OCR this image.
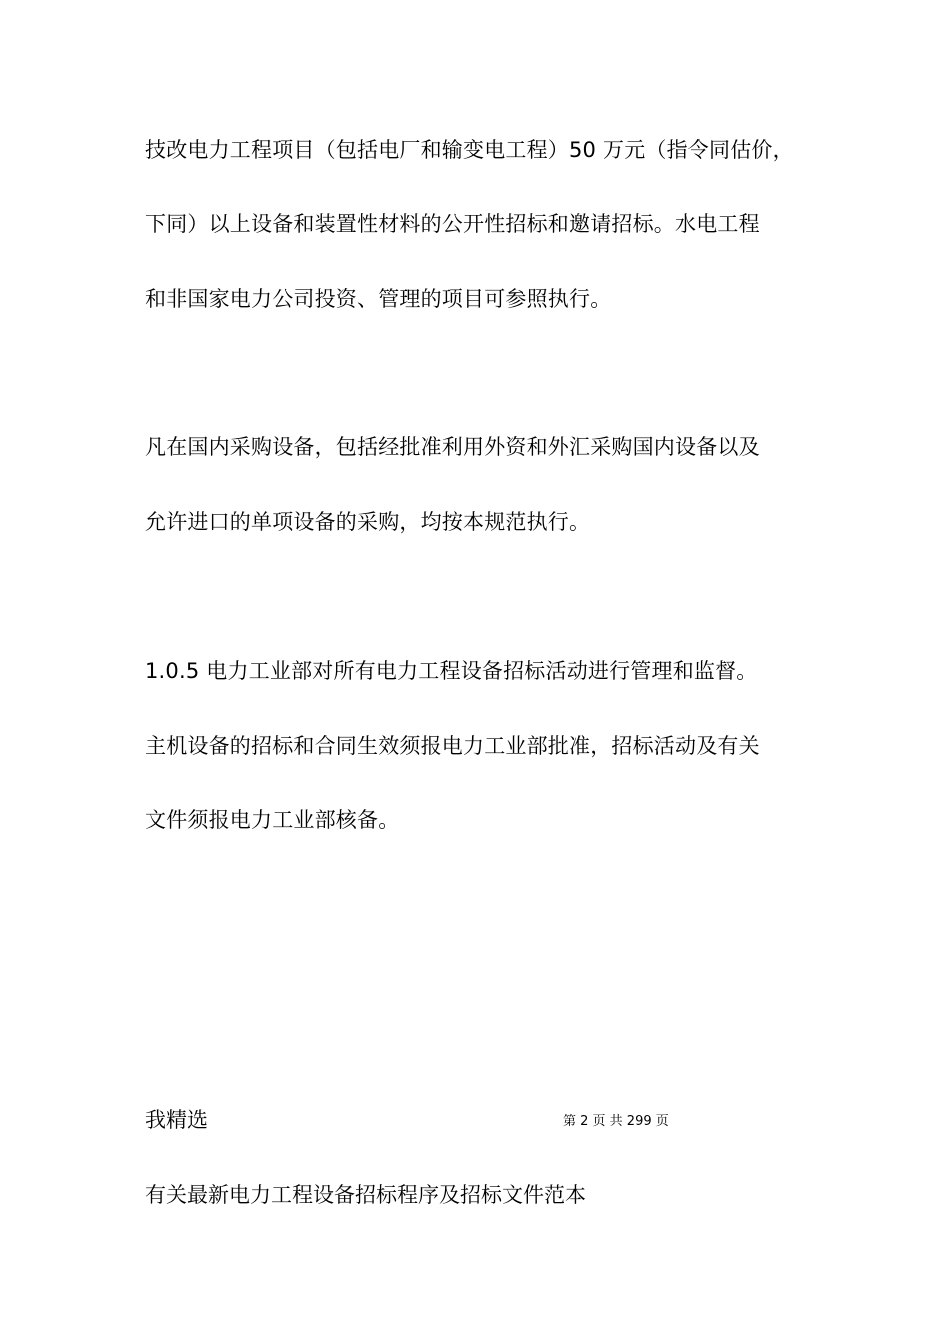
技改电力工程项目（包括电厂和输变电工程）50 万元（指令同估价，
下同）以上设备和装置性材料的公开性招标和邀请招标。水电工程
和非国家电力公司投资、管理的项目可参照执行。
凡在国内采购设备，包括经批准利用外资和外汇采购国内设备以及
允许进口的单项设备的采购，均按本规范执行。
1.0.5 电力工业部对所有电力工程设备招标活动进行管理和监督。
主机设备的招标和合同生效须报电力工业部批准，招标活动及有关
文件须报电力工业部核备。
我精选	第 2 页 共 299 页
有关最新电力工程设备招标程序及招标文件范本
